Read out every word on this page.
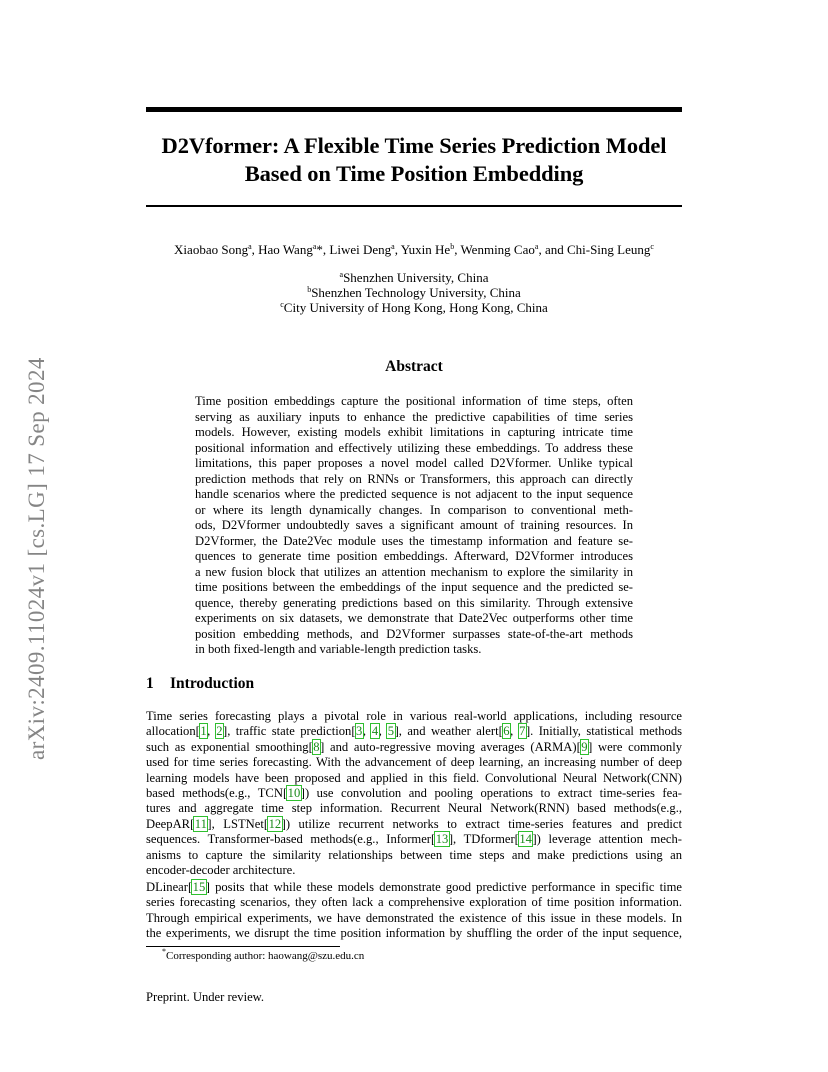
arXiv:2409.11024v1 [cs.LG] 17 Sep 2024
D2Vformer: A Flexible Time Series Prediction Model
Based on Time Position Embedding
Xiaobao Song$^a$, Hao Wang$^a$*, Liwei Deng$^a$, Yuxin He$^b$, Wenming Cao$^a$, and Chi-Sing Leung$^c$
$^a$Shenzhen University, China
$^b$Shenzhen Technology University, China
$^c$City University of Hong Kong, Hong Kong, China
Abstract
Time position embeddings capture the positional information of time steps, often
serving as auxiliary inputs to enhance the predictive capabilities of time series
models. However, existing models exhibit limitations in capturing intricate time
positional information and effectively utilizing these embeddings. To address these
limitations, this paper proposes a novel model called D2Vformer. Unlike typical
prediction methods that rely on RNNs or Transformers, this approach can directly
handle scenarios where the predicted sequence is not adjacent to the input sequence
or where its length dynamically changes. In comparison to conventional meth-
ods, D2Vformer undoubtedly saves a significant amount of training resources. In
D2Vformer, the Date2Vec module uses the timestamp information and feature se-
quences to generate time position embeddings. Afterward, D2Vformer introduces
a new fusion block that utilizes an attention mechanism to explore the similarity in
time positions between the embeddings of the input sequence and the predicted se-
quence, thereby generating predictions based on this similarity. Through extensive
experiments on six datasets, we demonstrate that Date2Vec outperforms other time
position embedding methods, and D2Vformer surpasses state-of-the-art methods
in both fixed-length and variable-length prediction tasks.
1 Introduction
Time series forecasting plays a pivotal role in various real-world applications, including resource
allocation[1, 2], traffic state prediction[3, 4, 5], and weather alert[6, 7]. Initially, statistical methods
such as exponential smoothing[8] and auto-regressive moving averages (ARMA)[9] were commonly
used for time series forecasting. With the advancement of deep learning, an increasing number of deep
learning models have been proposed and applied in this field. Convolutional Neural Network(CNN)
based methods(e.g., TCN[10]) use convolution and pooling operations to extract time-series fea-
tures and aggregate time step information. Recurrent Neural Network(RNN) based methods(e.g.,
DeepAR[11], LSTNet[12]) utilize recurrent networks to extract time-series features and predict
sequences. Transformer-based methods(e.g., Informer[13], TDformer[14]) leverage attention mech-
anisms to capture the similarity relationships between time steps and make predictions using an
encoder-decoder architecture.
DLinear[15] posits that while these models demonstrate good predictive performance in specific time
series forecasting scenarios, they often lack a comprehensive exploration of time position information.
Through empirical experiments, we have demonstrated the existence of this issue in these models. In
the experiments, we disrupt the time position information by shuffling the order of the input sequence,
*Corresponding author: haowang@szu.edu.cn
Preprint. Under review.
